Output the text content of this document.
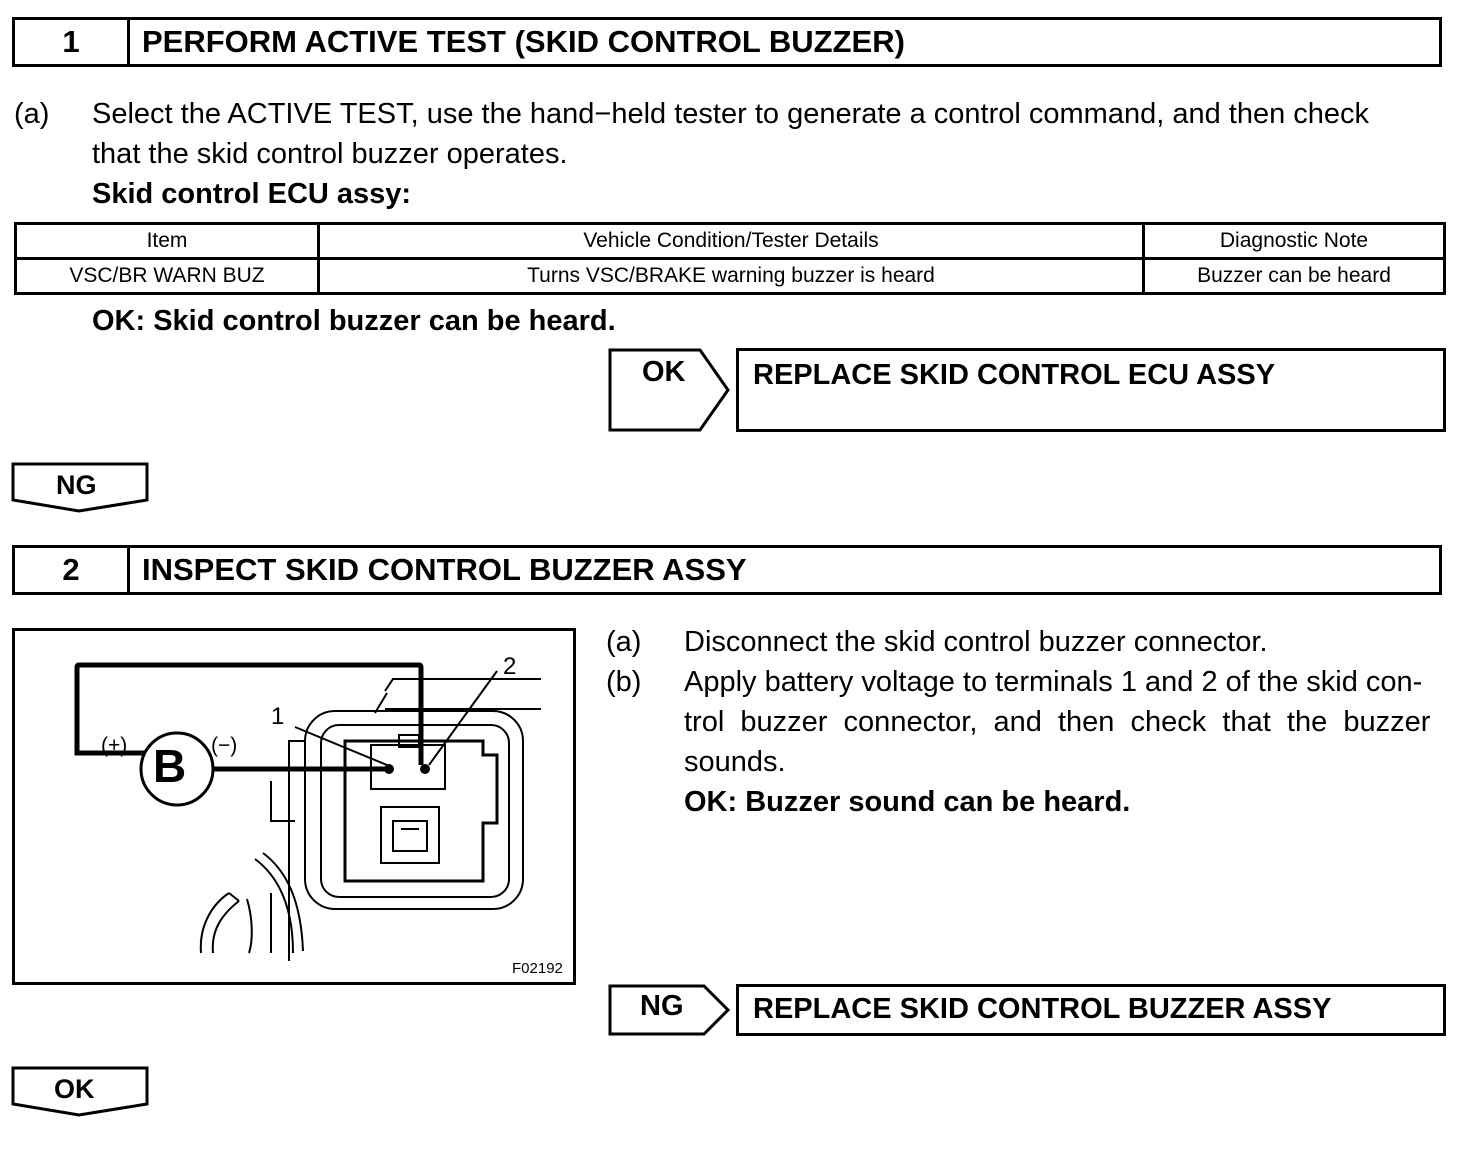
1	PERFORM ACTIVE TEST (SKID CONTROL BUZZER)
(a) Select the ACTIVE TEST, use the hand−held tester to generate a control command, and then check
that the skid control buzzer operates.
Skid control ECU assy:
Item	Vehicle Condition/Tester Details	Diagnostic Note
VSC/BR WARN BUZ	Turns VSC/BRAKE warning buzzer is heard	Buzzer can be heard
OK: Skid control buzzer can be heard.
OK	REPLACE SKID CONTROL ECU ASSY
NG
2	INSPECT SKID CONTROL BUZZER ASSY
B
(+)	(−)
1
2
F02192
(a) Disconnect the skid control buzzer connector.
(b) Apply battery voltage to terminals 1 and 2 of the skid con-
trol  buzzer  connector,  and  then  check  that  the  buzzer
sounds.
OK: Buzzer sound can be heard.
NG	REPLACE SKID CONTROL BUZZER ASSY
OK
